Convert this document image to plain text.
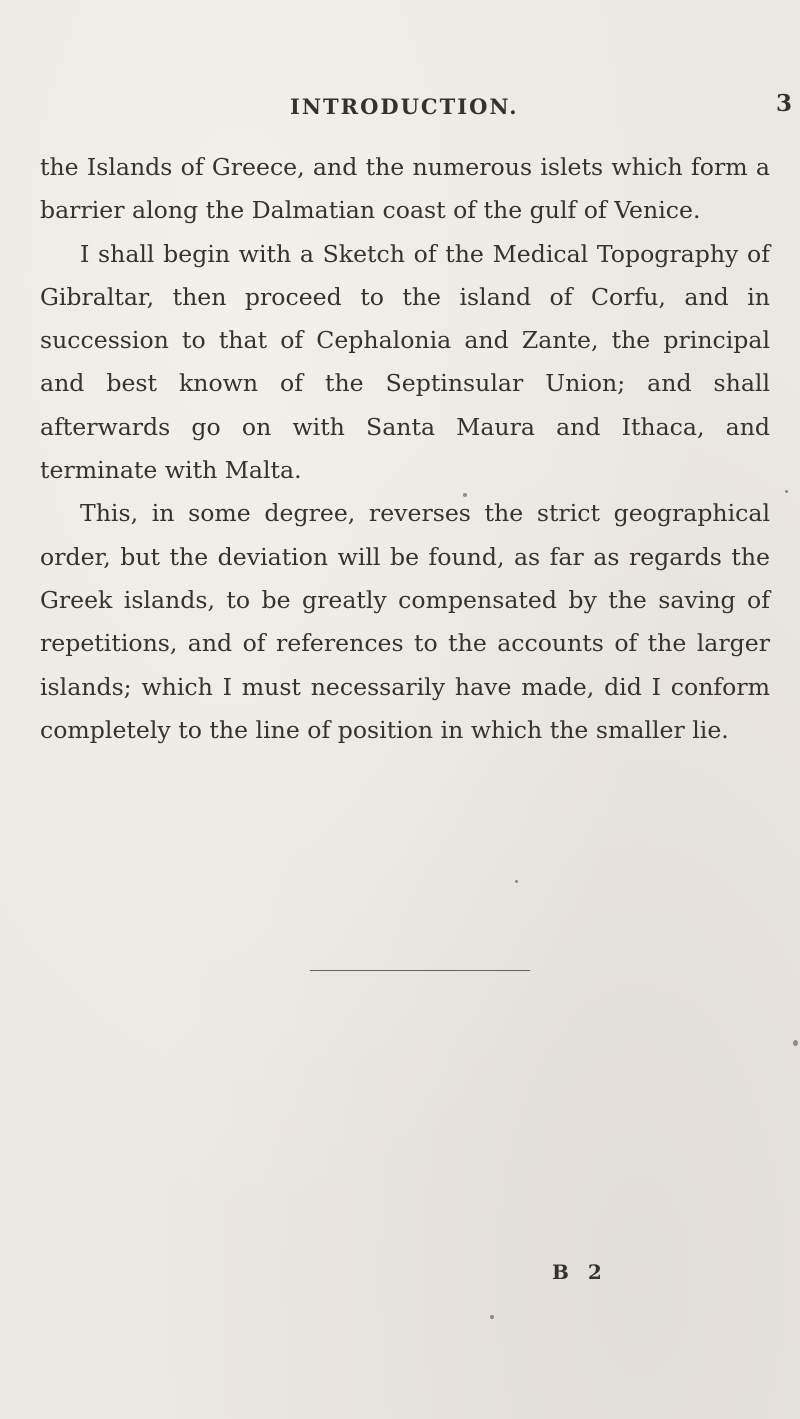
INTRODUCTION.	3

the Islands of Greece, and the numerous islets which form a barrier along the Dalmatian coast of the gulf of Venice.

I shall begin with a Sketch of the Medical Topography of Gibraltar, then proceed to the island of Corfu, and in succession to that of Cephalonia and Zante, the principal and best known of the Septinsular Union; and shall afterwards go on with Santa Maura and Ithaca, and terminate with Malta.

This, in some degree, reverses the strict geographical order, but the deviation will be found, as far as regards the Greek islands, to be greatly compensated by the saving of repetitions, and of references to the accounts of the larger islands; which I must necessarily have made, did I conform completely to the line of position in which the smaller lie.

B 2
